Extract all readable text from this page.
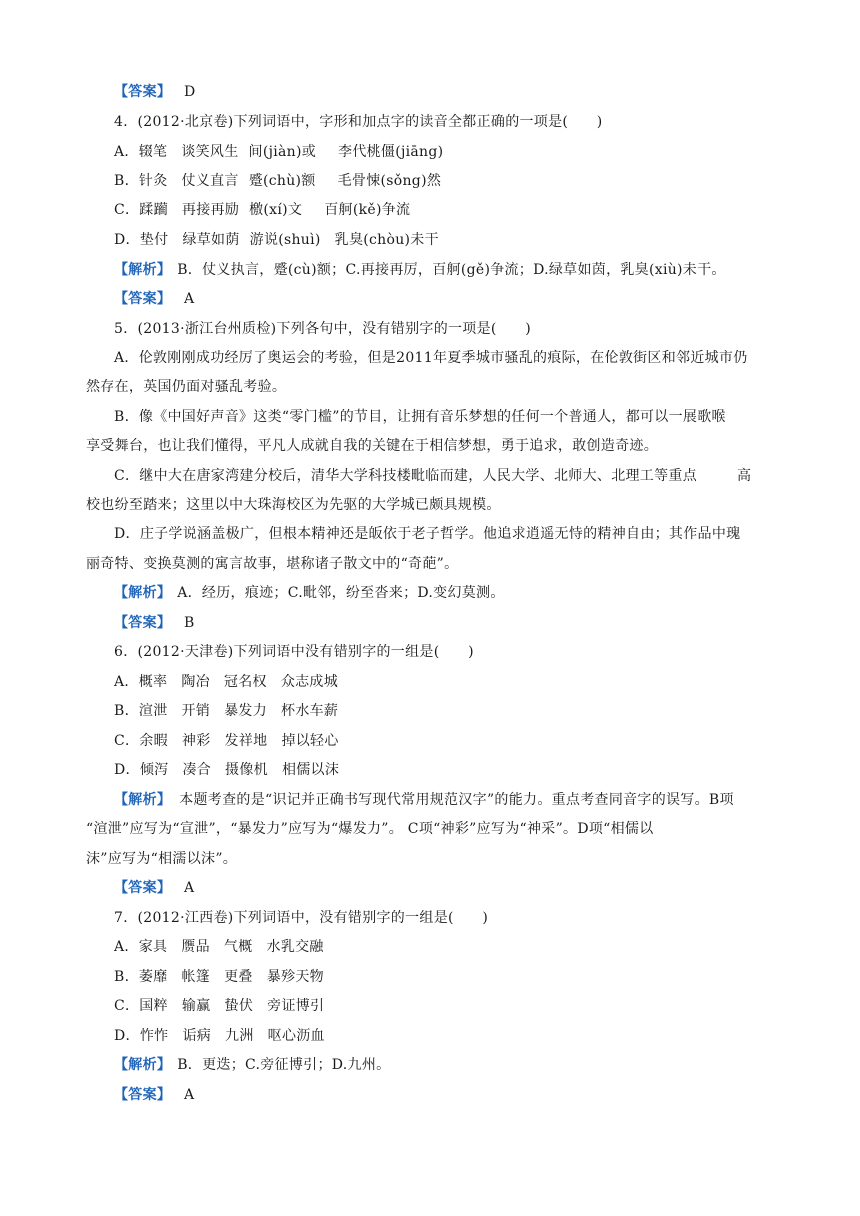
【答案】 D
4．(2012·北京卷)下列词语中，字形和加点字的读音全都正确的一项是(　　)
A．辍笔 谈笑风生 间(jiàn)或 李代桃僵(jiāng)
B．针灸 仗义直言 蹙(chù)额 毛骨悚(sǒng)然
C．蹂躏 再接再励 檄(xí)文 百舸(kě)争流
D．垫付 绿草如荫 游说(shuì) 乳臭(chòu)未干
【解析】 B．仗义执言，蹙(cù)额；C.再接再厉，百舸(gě)争流；D.绿草如茵，乳臭(xiù)未干。
【答案】 A
5．(2013·浙江台州质检)下列各句中，没有错别字的一项是(　　)
A．伦敦刚刚成功经厉了奥运会的考验，但是2011年夏季城市骚乱的痕际，在伦敦街区和邻近城市仍
然存在，英国仍面对骚乱考验。
B．像《中国好声音》这类“零门槛”的节目，让拥有音乐梦想的任何一个普通人，都可以一展歌喉
享受舞台，也让我们懂得，平凡人成就自我的关键在于相信梦想，勇于追求，敢创造奇迹。
C．继中大在唐家湾建分校后，清华大学科技楼毗临而建，人民大学、北师大、北理工等重点	高
校也纷至踏来；这里以中大珠海校区为先驱的大学城已颇具规模。
D．庄子学说涵盖极广，但根本精神还是皈依于老子哲学。他追求逍遥无恃的精神自由；其作品中瑰
丽奇特、变换莫测的寓言故事，堪称诸子散文中的“奇葩”。
【解析】 A．经历，痕迹；C.毗邻，纷至沓来；D.变幻莫测。
【答案】 B
6．(2012·天津卷)下列词语中没有错别字的一组是(　　)
A．概率 陶冶 冠名权 众志成城
B．渲泄 开销 暴发力 杯水车薪
C．余暇 神彩 发祥地 掉以轻心
D．倾泻 凑合 摄像机 相儒以沫
【解析】 本题考查的是“识记并正确书写现代常用规范汉字”的能力。重点考查同音字的误写。B项
“渲泄”应写为“宣泄”，“暴发力”应写为“爆发力”。 C项“神彩”应写为“神采”。D项“相儒以
沫”应写为“相濡以沫”。
【答案】 A
7．(2012·江西卷)下列词语中，没有错别字的一组是(　　)
A．家具 赝品 气概 水乳交融
B．萎靡 帐篷 更叠 暴殄天物
C．国粹 输赢 蛰伏 旁证博引
D．怍怍 诟病 九洲 呕心沥血
【解析】 B．更迭；C.旁征博引；D.九州。
【答案】 A
